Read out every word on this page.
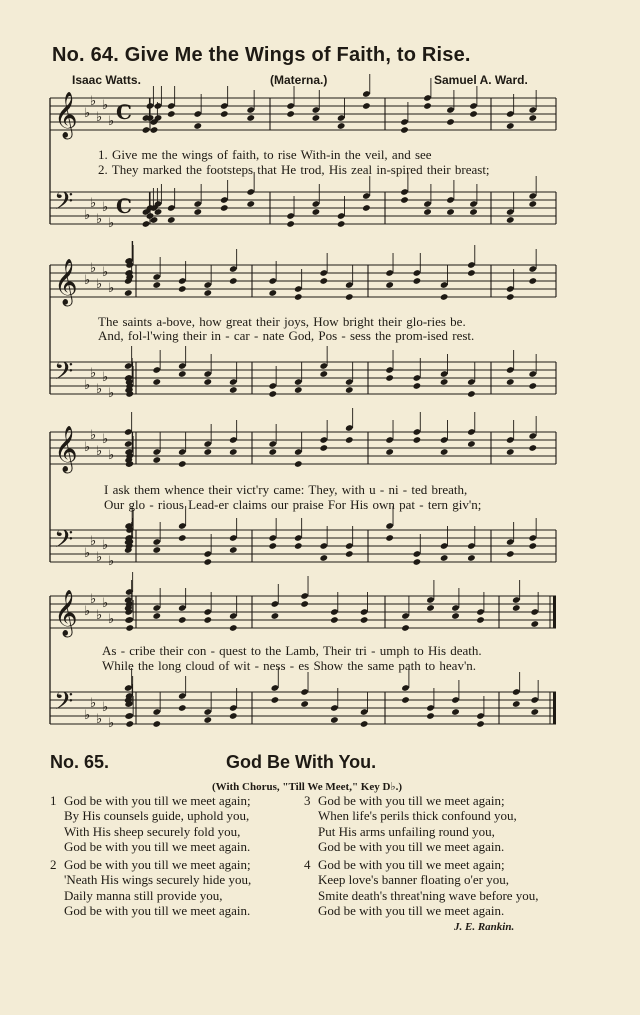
No. 64. Give Me the Wings of Faith, to Rise.
Isaac Watts.	(Materna.)	Samuel A. Ward.
𝄞 ♭
♭
♭
♭
♭ C
𝄢 ♭
♭
♭
♭
♭
C
𝄞 ♭
♭
♭
♭
♭
𝄢 ♭
♭
♭
♭
♭
𝄞 ♭
♭
♭
♭
♭
𝄢 ♭
♭
♭
♭
♭
𝄞 ♭
♭
♭
♭
♭
𝄢 ♭
♭
♭
♭
♭
1. Give me the wings of faith, to rise With-in the veil, and see
2. They marked the footsteps that He trod, His zeal in-spired their breast;
The saints a-bove, how great their joys, How bright their glo-ries be.
And, fol-l'wing their in - car - nate God, Pos - sess the prom-ised rest.
I ask them whence their vict'ry came: They, with u - ni - ted breath,
Our glo - rious Lead-er claims our praise For His own pat - tern giv'n;
As - cribe their con - quest to the Lamb, Their tri - umph to His death.
While the long cloud of wit - ness - es Show the same path to heav'n.
No. 65.	God Be With You.
(With Chorus, "Till We Meet," Key D♭.)
1 God be with you till we meet again;
By His counsels guide, uphold you,
With His sheep securely fold you,
God be with you till we meet again.
3 God be with you till we meet again;
When life's perils thick confound you,
Put His arms unfailing round you,
God be with you till we meet again.
2 God be with you till we meet again;
'Neath His wings securely hide you,
Daily manna still provide you,
God be with you till we meet again.
4 God be with you till we meet again;
Keep love's banner floating o'er you,
Smite death's threat'ning wave before you,
God be with you till we meet again.
J. E. Rankin.
